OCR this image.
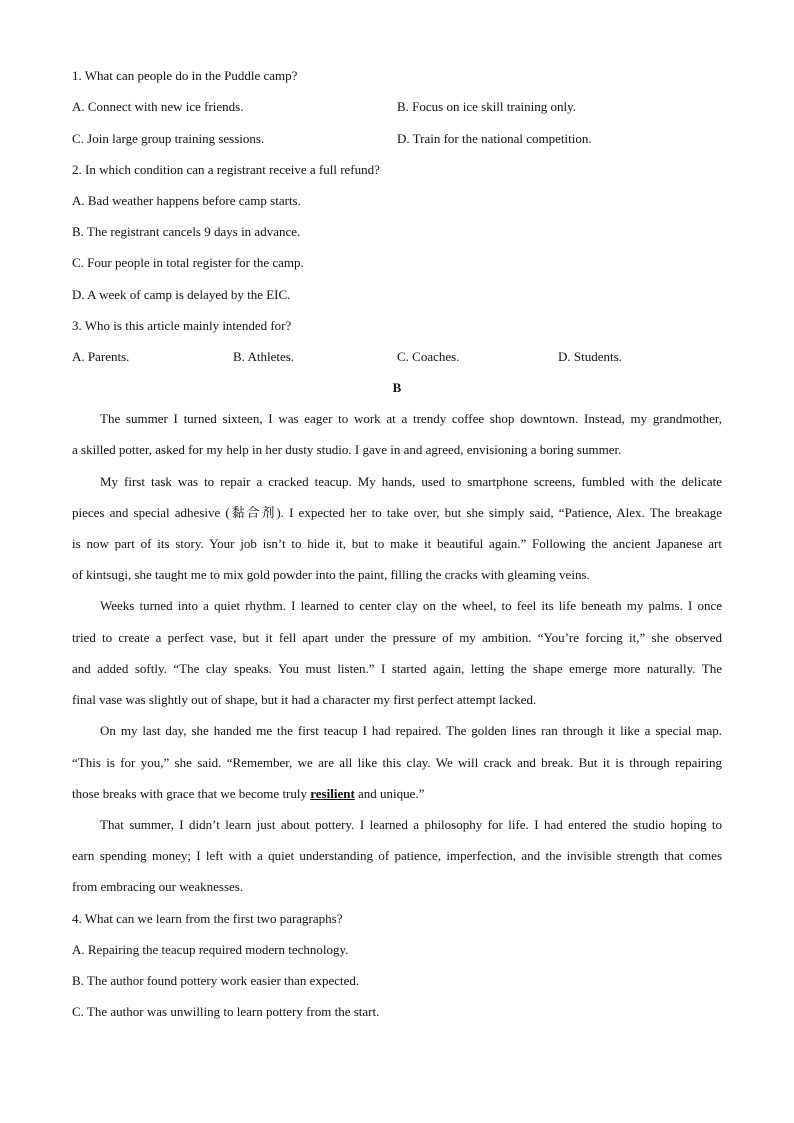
1. What can people do in the Puddle camp?
A. Connect with new ice friends.	B. Focus on ice skill training only.
C. Join large group training sessions.	D. Train for the national competition.
2. In which condition can a registrant receive a full refund?
A. Bad weather happens before camp starts.
B. The registrant cancels 9 days in advance.
C. Four people in total register for the camp.
D. A week of camp is delayed by the EIC.
3. Who is this article mainly intended for?
A. Parents.	B. Athletes.	C. Coaches.	D. Students.
B
The summer I turned sixteen, I was eager to work at a trendy coffee shop downtown. Instead, my grandmother,
a skilled potter, asked for my help in her dusty studio. I gave in and agreed, envisioning a boring summer.
My first task was to repair a cracked teacup. My hands, used to smartphone screens, fumbled with the delicate
pieces and special adhesive (黏合剂). I expected her to take over, but she simply said, “Patience, Alex. The breakage
is now part of its story. Your job isn’t to hide it, but to make it beautiful again.” Following the ancient Japanese art
of kintsugi, she taught me to mix gold powder into the paint, filling the cracks with gleaming veins.
Weeks turned into a quiet rhythm. I learned to center clay on the wheel, to feel its life beneath my palms. I once
tried to create a perfect vase, but it fell apart under the pressure of my ambition. “You’re forcing it,” she observed
and added softly. “The clay speaks. You must listen.” I started again, letting the shape emerge more naturally. The
final vase was slightly out of shape, but it had a character my first perfect attempt lacked.
On my last day, she handed me the first teacup I had repaired. The golden lines ran through it like a special map.
“This is for you,” she said. “Remember, we are all like this clay. We will crack and break. But it is through repairing
those breaks with grace that we become truly resilient and unique.”
That summer, I didn’t learn just about pottery. I learned a philosophy for life. I had entered the studio hoping to
earn spending money; I left with a quiet understanding of patience, imperfection, and the invisible strength that comes
from embracing our weaknesses.
4. What can we learn from the first two paragraphs?
A. Repairing the teacup required modern technology.
B. The author found pottery work easier than expected.
C. The author was unwilling to learn pottery from the start.
